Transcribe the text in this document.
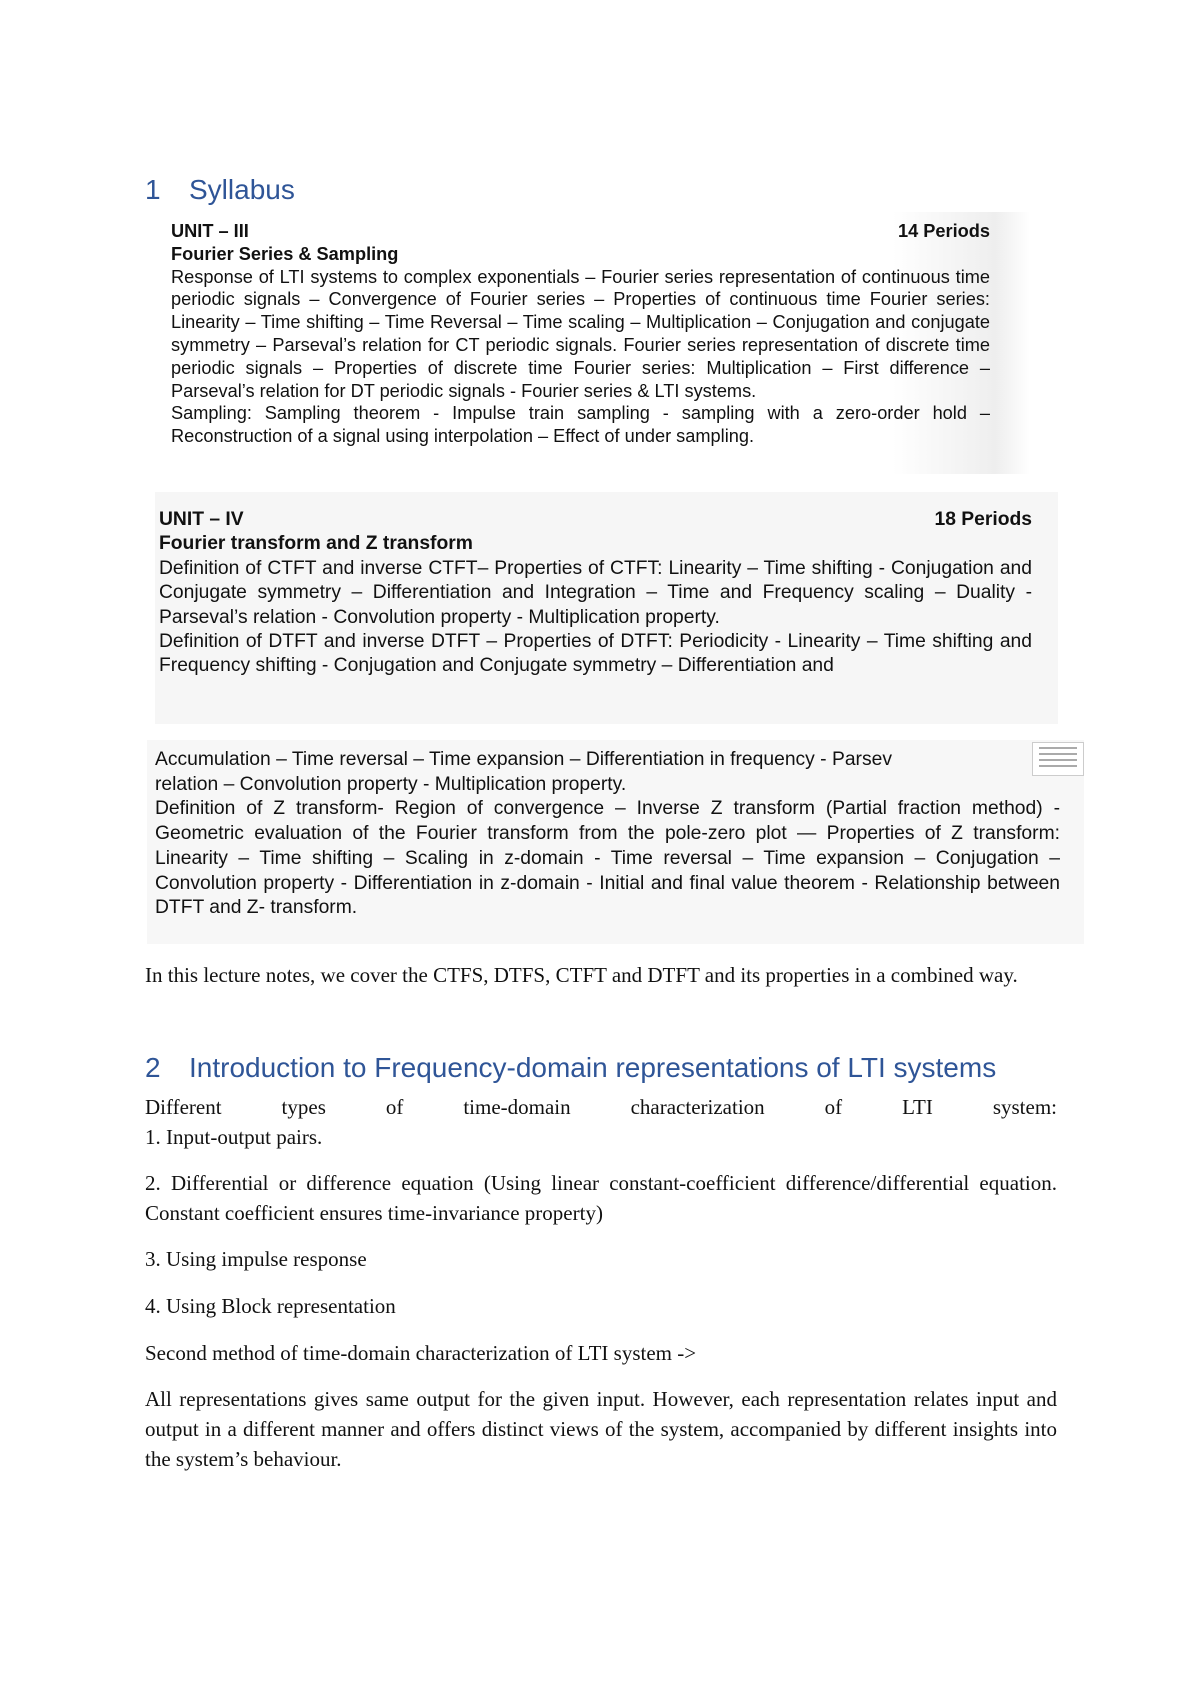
1 Syllabus
UNIT – III	14 Periods
Fourier Series & Sampling

Response of LTI systems to complex exponentials – Fourier series representation of continuous time periodic signals – Convergence of Fourier series – Properties of continuous time Fourier series: Linearity – Time shifting – Time Reversal – Time scaling – Multiplication – Conjugation and conjugate symmetry – Parseval’s relation for CT periodic signals. Fourier series representation of discrete time periodic signals – Properties of discrete time Fourier series: Multiplication – First difference – Parseval’s relation for DT periodic signals - Fourier series & LTI systems.

Sampling: Sampling theorem - Impulse train sampling - sampling with a zero-order hold – Reconstruction of a signal using interpolation – Effect of under sampling.

UNIT – IV	18 Periods
Fourier transform and Z transform

Definition of CTFT and inverse CTFT– Properties of CTFT: Linearity – Time shifting - Conjugation and Conjugate symmetry – Differentiation and Integration – Time and Frequency scaling – Duality - Parseval’s relation - Convolution property - Multiplication property.

Definition of DTFT and inverse DTFT – Properties of DTFT: Periodicity - Linearity – Time shifting and Frequency shifting - Conjugation and Conjugate symmetry – Differentiation and

Accumulation – Time reversal – Time expansion – Differentiation in frequency - Parsev

relation – Convolution property - Multiplication property.

Definition of Z transform- Region of convergence – Inverse Z transform (Partial fraction method) - Geometric evaluation of the Fourier transform from the pole-zero plot — Properties of Z transform: Linearity – Time shifting – Scaling in z-domain - Time reversal – Time expansion – Conjugation – Convolution property - Differentiation in z-domain - Initial and final value theorem - Relationship between DTFT and Z- transform.

In this lecture notes, we cover the CTFS, DTFS, CTFT and DTFT and its properties in a combined way.

2 Introduction to Frequency-domain representations of LTI systems
Different	types	of	time-domain	characterization	of	LTI	system:

1. Input-output pairs.

2. Differential or difference equation (Using linear constant-coefficient difference/differential equation. Constant coefficient ensures time-invariance property)

3. Using impulse response

4. Using Block representation

Second method of time-domain characterization of LTI system ->

All representations gives same output for the given input. However, each representation relates input and output in a different manner and offers distinct views of the system, accompanied by different insights into the system’s behaviour.
